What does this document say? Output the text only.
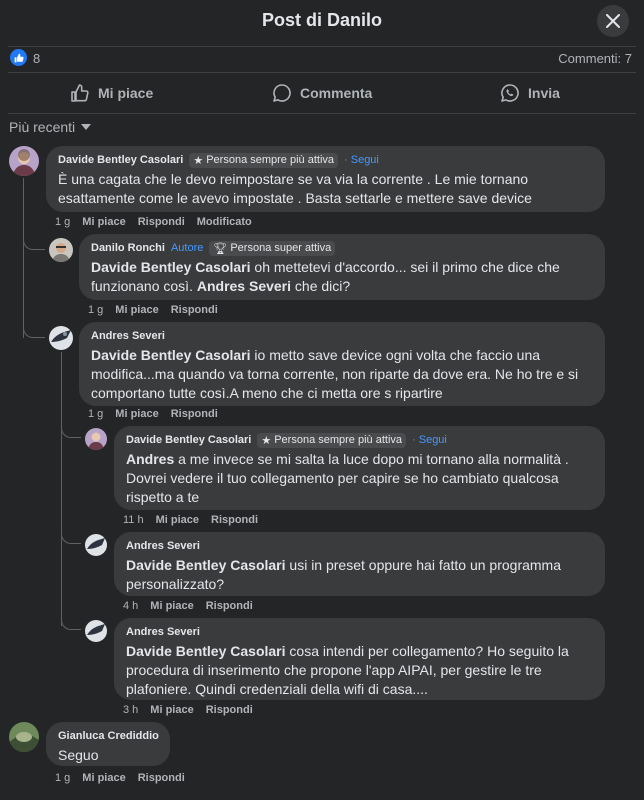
Post di Danilo
8	Commenti: 7
Mi piace	Commenta	Invia
Più recenti
Davide Bentley Casolari ★ Persona sempre più attiva · Segui
È una cagata che le devo reimpostare se va via la corrente . Le mie tornano esattamente come le avevo impostate . Basta settarle e mettere save device
1 g Mi piace Rispondi Modificato
Danilo Ronchi Autore 🏆︎ Persona super attiva
Davide Bentley Casolari oh mettetevi d'accordo... sei il primo che dice che funzionano così. Andres Severi che dici?
1 g Mi piace Rispondi
Andres Severi
Davide Bentley Casolari io metto save device ogni volta che faccio una modifica...ma quando va torna corrente, non riparte da dove era. Ne ho tre e si comportano tutte così.A meno che ci metta ore s ripartire
1 g Mi piace Rispondi
Davide Bentley Casolari ★ Persona sempre più attiva · Segui
Andres a me invece se mi salta la luce dopo mi tornano alla normalità . Dovrei vedere il tuo collegamento per capire se ho cambiato qualcosa rispetto a te
11 h Mi piace Rispondi
Andres Severi
Davide Bentley Casolari usi in preset oppure hai fatto un programma personalizzato?
4 h Mi piace Rispondi
Andres Severi
Davide Bentley Casolari cosa intendi per collegamento? Ho seguito la procedura di inserimento che propone l'app AIPAI, per gestire le tre plafoniere. Quindi credenziali della wifi di casa....
3 h Mi piace Rispondi
Gianluca Crediddio
Seguo
1 g Mi piace Rispondi
